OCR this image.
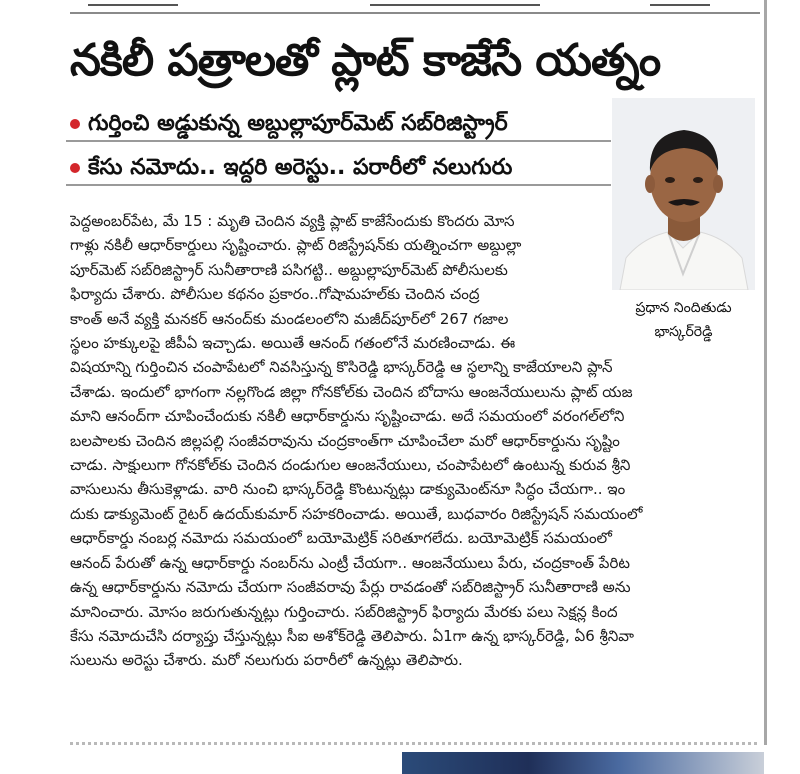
నకిలీ పత్రాలతో ప్లాట్ కాజేసే యత్నం
గుర్తించి అడ్డుకున్న అబ్దుల్లాపూర్‌మెట్ సబ్‌రిజిస్ట్రార్
కేసు నమోదు.. ఇద్దరి అరెస్టు.. పరారీలో నలుగురు
ప్రధాన నిందితుడు
భాస్కర్‌రెడ్డి
పెద్దఅంబర్‌పేట, మే 15 : మృతి చెందిన వ్యక్తి ప్లాట్ కాజేసేందుకు కొందరు మోస
గాళ్లు నకిలీ ఆధార్‌కార్డులు సృష్టించారు. ప్లాట్ రిజిస్ట్రేషన్‌కు యత్నించగా అబ్దుల్లా
పూర్‌మెట్ సబ్‌రిజిస్ట్రార్ సునీతారాణి పసిగట్టి.. అబ్దుల్లాపూర్‌మెట్ పోలీసులకు
ఫిర్యాదు చేశారు. పోలీసుల కథనం ప్రకారం..గోషామహల్‌కు చెందిన చంద్ర
కాంత్ అనే వ్యక్తి మనకర్ ఆనంద్‌కు మండలంలోని మజీద్‌పూర్‌లో 267 గజాల
స్థలం హక్కులపై జీపీఏ ఇచ్చాడు. అయితే ఆనంద్ గతంలోనే మరణించాడు. ఈ
విషయాన్ని గుర్తించిన చంపాపేటలో నివసిస్తున్న కొసిరెడ్డి భాస్కర్‌రెడ్డి ఆ స్థలాన్ని కాజేయాలని ప్లాన్
చేశాడు. ఇందులో భాగంగా నల్లగొండ జిల్లా గోనకోల్‌కు చెందిన బోదాసు ఆంజనేయులును ప్లాట్ యజ
మాని ఆనంద్‌గా చూపించేందుకు నకిలీ ఆధార్‌కార్డును సృష్టించాడు. అదే సమయంలో వరంగల్‌లోని
బలపాలకు చెందిన జిల్లపల్లి సంజీవరావును చంద్రకాంత్‌గా చూపించేలా మరో ఆధార్‌కార్డును సృష్టిం
చాడు. సాక్షులుగా గోనకోల్‌కు చెందిన దండుగుల ఆంజనేయులు, చంపాపేటలో ఉంటున్న కురువ శ్రీని
వాసులును తీసుకెళ్లాడు. వారి నుంచి భాస్కర్‌రెడ్డి కొంటున్నట్లు డాక్యుమెంట్‌నూ సిద్ధం చేయగా.. ఇం
దుకు డాక్యుమెంట్ రైటర్ ఉదయ్‌కుమార్ సహకరించాడు. అయితే, బుధవారం రిజిస్ట్రేషన్ సమయంలో
ఆధార్‌కార్డు నంబర్ల నమోదు సమయంలో బయోమెట్రిక్ సరితూగలేదు. బయోమెట్రిక్ సమయంలో
ఆనంద్ పేరుతో ఉన్న ఆధార్‌కార్డు నంబర్‌ను ఎంట్రీ చేయగా.. ఆంజనేయులు పేరు, చంద్రకాంత్ పేరిట
ఉన్న ఆధార్‌కార్డును నమోదు చేయగా సంజీవరావు పేర్లు రావడంతో సబ్‌రిజిస్ట్రార్ సునీతారాణి అను
మానించారు. మోసం జరుగుతున్నట్లు గుర్తించారు. సబ్‌రిజిస్ట్రార్ ఫిర్యాదు మేరకు పలు సెక్షన్ల కింద
కేసు నమోదుచేసి దర్యాప్తు చేస్తున్నట్లు సీఐ అశోక్‌రెడ్డి తెలిపారు. ఏ1గా ఉన్న భాస్కర్‌రెడ్డి, ఏ6 శ్రీనివా
సులును అరెస్టు చేశారు. మరో నలుగురు పరారీలో ఉన్నట్లు తెలిపారు.
